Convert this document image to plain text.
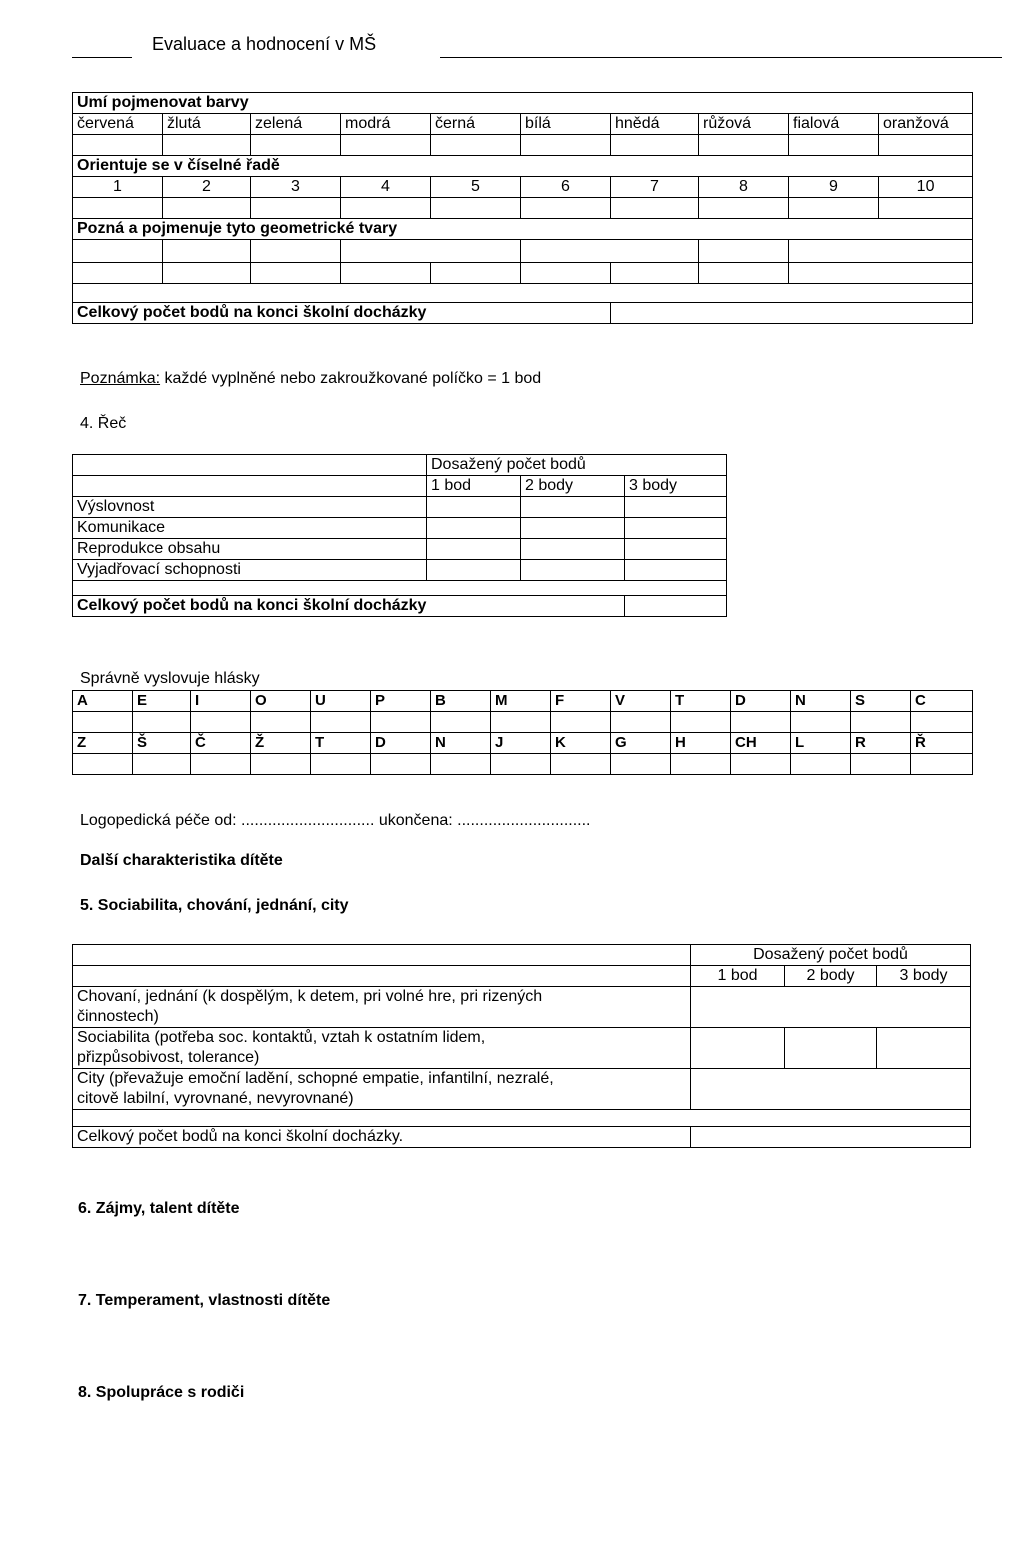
Evaluace a hodnocení v MŠ
Umí pojmenovat barvy									
červená	žlutá	zelená	modrá	černá	bílá	hnědá	růžová	fialová	oranžová

Orientuje se v číselné řadě									
1	2	3	4	5	6	7	8	9	10

Pozná a pojmenuje tyto geometrické tvary									

Celkový počet bodů na konci školní docházky									
Poznámka: každé vyplněné nebo zakroužkované políčko = 1 bod
4. Řeč
	Dosažený počet bodů		
	1 bod	2 body	3 body
Výslovnost			
Komunikace			
Reprodukce obsahu			
Vyjadřovací schopnosti			

Celkový počet bodů na konci školní docházky			
Správně vyslovuje hlásky
A	E	I	O	U	P	B	M	F	V	T	D	N	S	C

Z	Š	Č	Ž	T	D	N	J	K	G	H	CH	L	R	Ř

Logopedická péče od: .............................. ukončena: ..............................
Další charakteristika dítěte
5. Sociabilita, chování, jednání, city
	Dosažený počet bodů		
	1 bod	2 body	3 body

Chovaní, jednání (k dospělým, k detem, pri volné hre, pri rizených
činnostech)			

Sociabilita (potřeba soc. kontaktů, vztah k ostatním lidem,
přizpůsobivost, tolerance)			

City (převažuje emoční ladění, schopné empatie, infantilní, nezralé,
citově labilní, vyrovnané, nevyrovnané)			

Celkový počet bodů na konci školní docházky.			
6. Zájmy, talent dítěte
7. Temperament, vlastnosti dítěte
8. Spolupráce s rodiči
